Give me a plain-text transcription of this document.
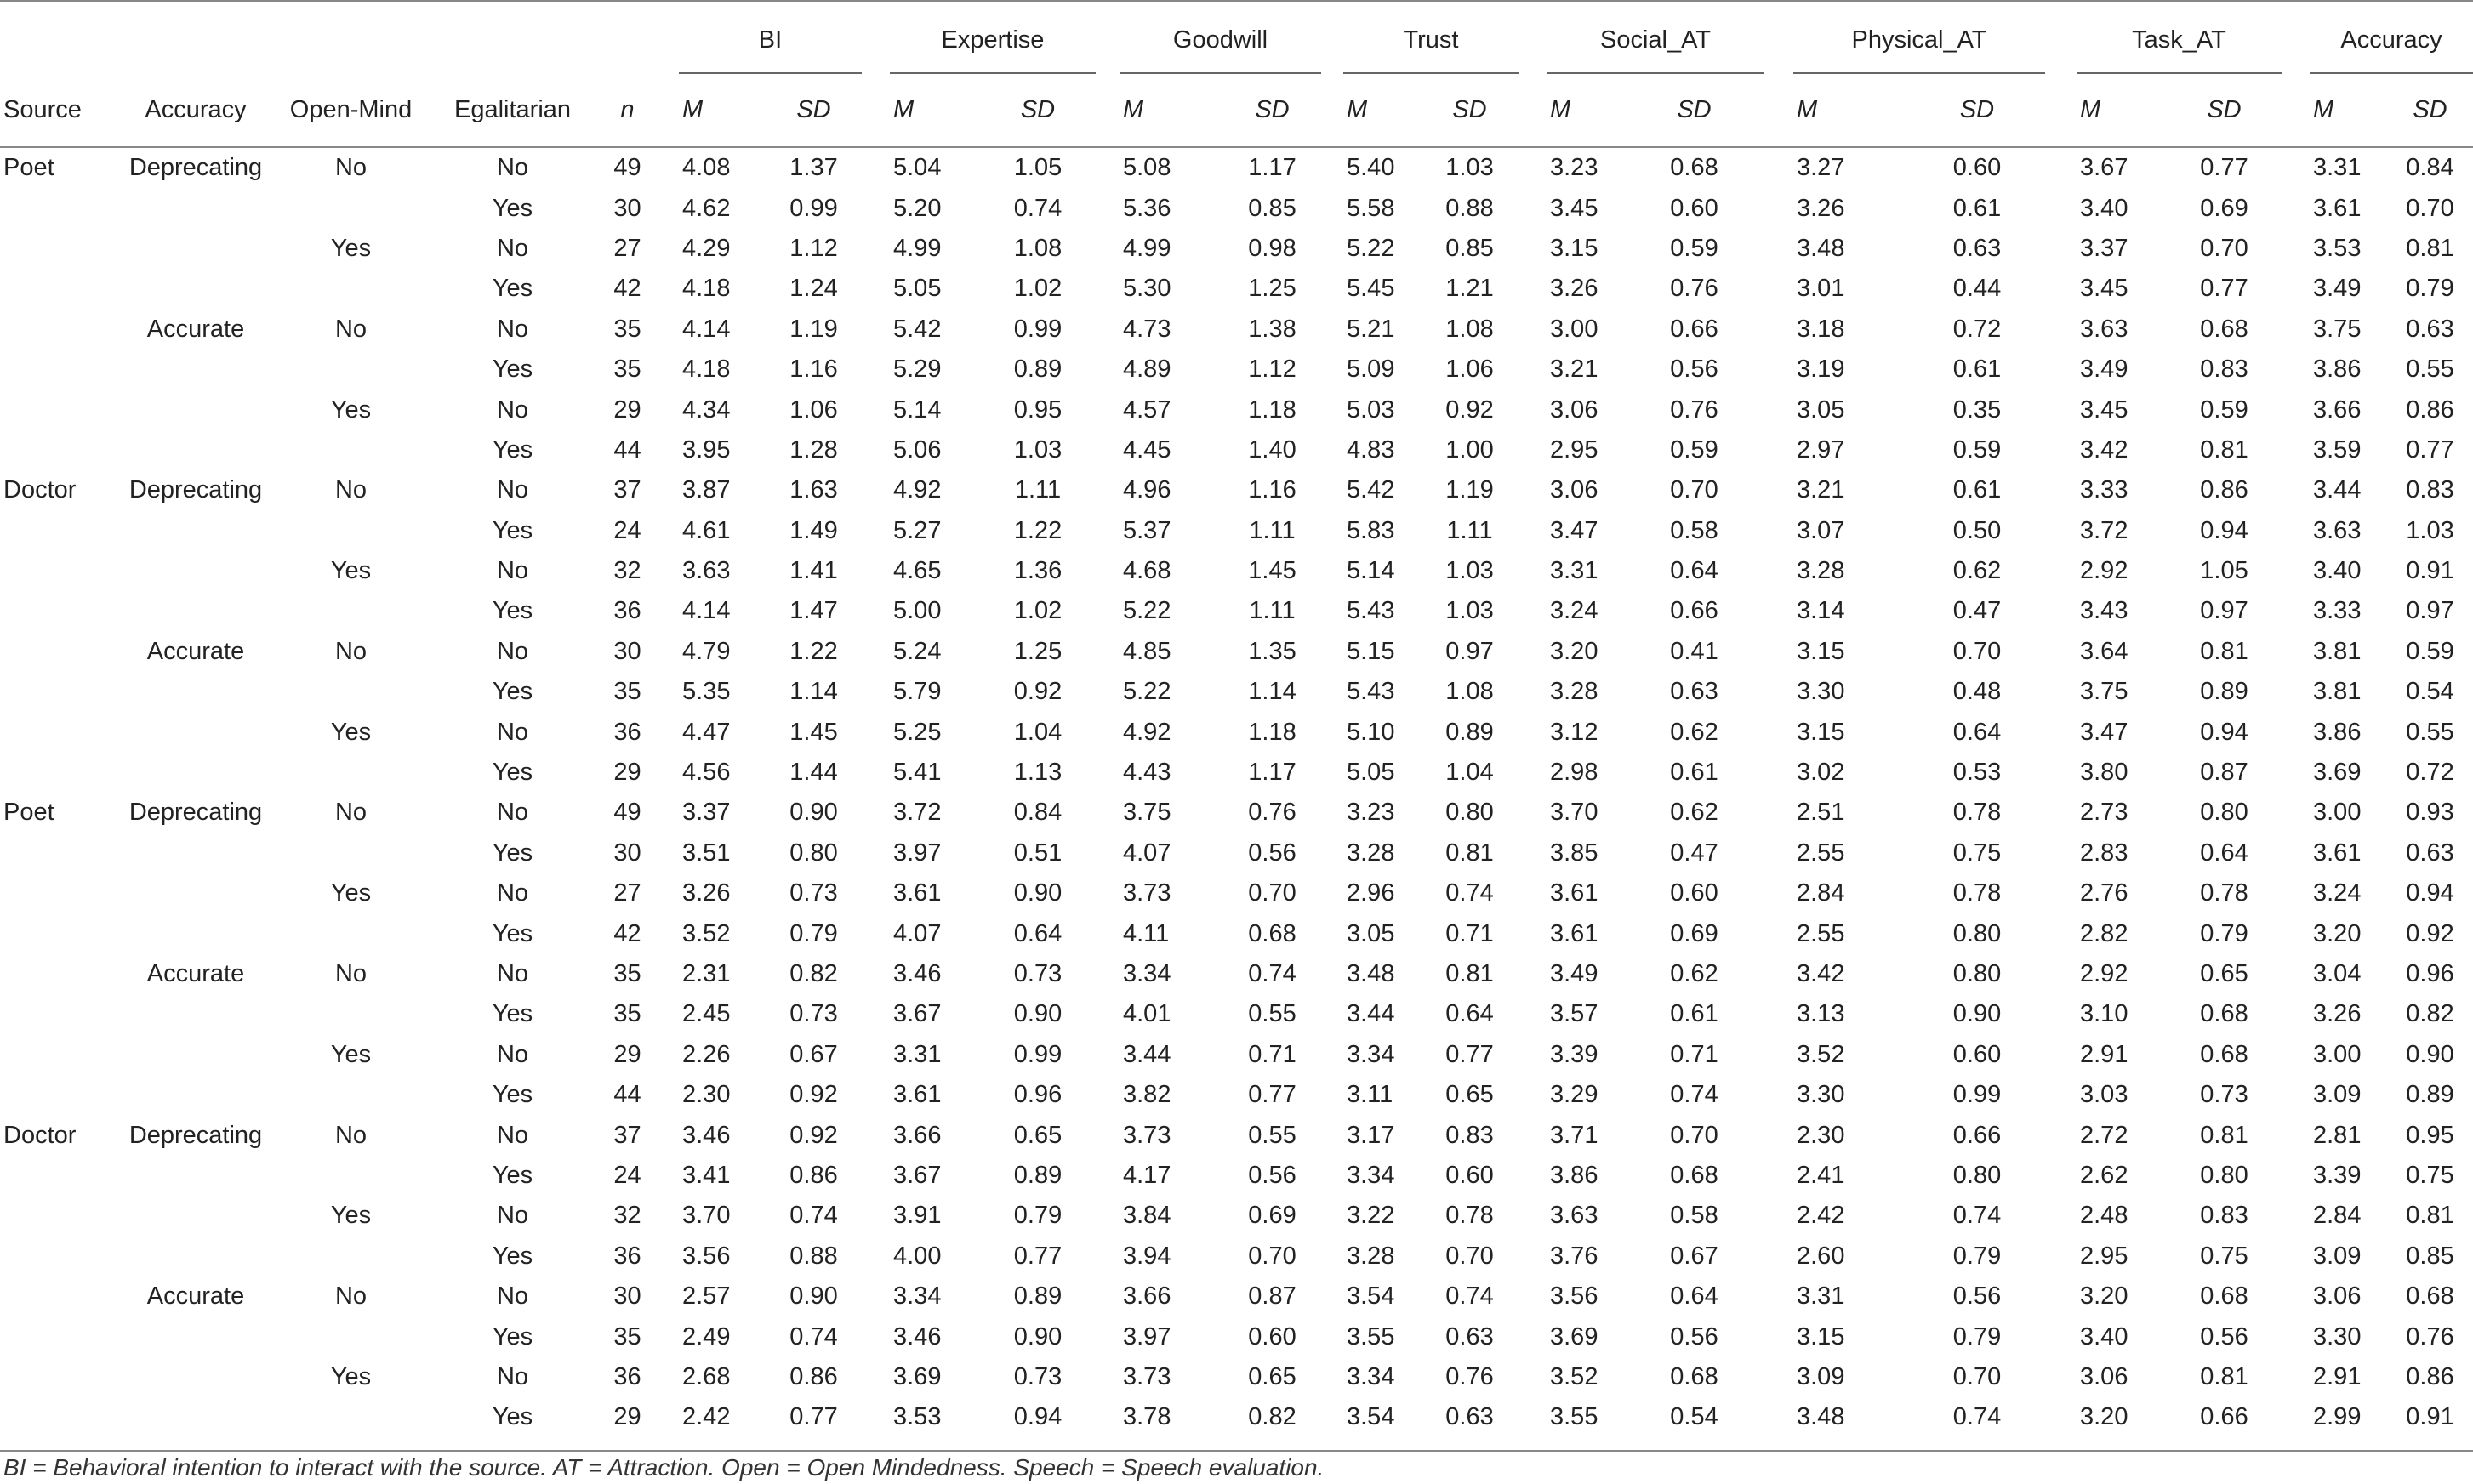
						BI			Expertise			Goodwill			Trust			Social_AT			Physical_AT			Task_AT			Accuracy	
Source	Accuracy	Open-Mind	Egalitarian	n		M	SD		M	SD		M	SD		M	SD		M	SD		M	SD		M	SD		M	SD
Poet	Deprecating	No	No	49		4.08	1.37		5.04	1.05		5.08	1.17		5.40	1.03		3.23	0.68		3.27	0.60		3.67	0.77		3.31	0.84
			Yes	30		4.62	0.99		5.20	0.74		5.36	0.85		5.58	0.88		3.45	0.60		3.26	0.61		3.40	0.69		3.61	0.70
		Yes	No	27		4.29	1.12		4.99	1.08		4.99	0.98		5.22	0.85		3.15	0.59		3.48	0.63		3.37	0.70		3.53	0.81
			Yes	42		4.18	1.24		5.05	1.02		5.30	1.25		5.45	1.21		3.26	0.76		3.01	0.44		3.45	0.77		3.49	0.79
	Accurate	No	No	35		4.14	1.19		5.42	0.99		4.73	1.38		5.21	1.08		3.00	0.66		3.18	0.72		3.63	0.68		3.75	0.63
			Yes	35		4.18	1.16		5.29	0.89		4.89	1.12		5.09	1.06		3.21	0.56		3.19	0.61		3.49	0.83		3.86	0.55
		Yes	No	29		4.34	1.06		5.14	0.95		4.57	1.18		5.03	0.92		3.06	0.76		3.05	0.35		3.45	0.59		3.66	0.86
			Yes	44		3.95	1.28		5.06	1.03		4.45	1.40		4.83	1.00		2.95	0.59		2.97	0.59		3.42	0.81		3.59	0.77
Doctor	Deprecating	No	No	37		3.87	1.63		4.92	1.11		4.96	1.16		5.42	1.19		3.06	0.70		3.21	0.61		3.33	0.86		3.44	0.83
			Yes	24		4.61	1.49		5.27	1.22		5.37	1.11		5.83	1.11		3.47	0.58		3.07	0.50		3.72	0.94		3.63	1.03
		Yes	No	32		3.63	1.41		4.65	1.36		4.68	1.45		5.14	1.03		3.31	0.64		3.28	0.62		2.92	1.05		3.40	0.91
			Yes	36		4.14	1.47		5.00	1.02		5.22	1.11		5.43	1.03		3.24	0.66		3.14	0.47		3.43	0.97		3.33	0.97
	Accurate	No	No	30		4.79	1.22		5.24	1.25		4.85	1.35		5.15	0.97		3.20	0.41		3.15	0.70		3.64	0.81		3.81	0.59
			Yes	35		5.35	1.14		5.79	0.92		5.22	1.14		5.43	1.08		3.28	0.63		3.30	0.48		3.75	0.89		3.81	0.54
		Yes	No	36		4.47	1.45		5.25	1.04		4.92	1.18		5.10	0.89		3.12	0.62		3.15	0.64		3.47	0.94		3.86	0.55
			Yes	29		4.56	1.44		5.41	1.13		4.43	1.17		5.05	1.04		2.98	0.61		3.02	0.53		3.80	0.87		3.69	0.72
Poet	Deprecating	No	No	49		3.37	0.90		3.72	0.84		3.75	0.76		3.23	0.80		3.70	0.62		2.51	0.78		2.73	0.80		3.00	0.93
			Yes	30		3.51	0.80		3.97	0.51		4.07	0.56		3.28	0.81		3.85	0.47		2.55	0.75		2.83	0.64		3.61	0.63
		Yes	No	27		3.26	0.73		3.61	0.90		3.73	0.70		2.96	0.74		3.61	0.60		2.84	0.78		2.76	0.78		3.24	0.94
			Yes	42		3.52	0.79		4.07	0.64		4.11	0.68		3.05	0.71		3.61	0.69		2.55	0.80		2.82	0.79		3.20	0.92
	Accurate	No	No	35		2.31	0.82		3.46	0.73		3.34	0.74		3.48	0.81		3.49	0.62		3.42	0.80		2.92	0.65		3.04	0.96
			Yes	35		2.45	0.73		3.67	0.90		4.01	0.55		3.44	0.64		3.57	0.61		3.13	0.90		3.10	0.68		3.26	0.82
		Yes	No	29		2.26	0.67		3.31	0.99		3.44	0.71		3.34	0.77		3.39	0.71		3.52	0.60		2.91	0.68		3.00	0.90
			Yes	44		2.30	0.92		3.61	0.96		3.82	0.77		3.11	0.65		3.29	0.74		3.30	0.99		3.03	0.73		3.09	0.89
Doctor	Deprecating	No	No	37		3.46	0.92		3.66	0.65		3.73	0.55		3.17	0.83		3.71	0.70		2.30	0.66		2.72	0.81		2.81	0.95
			Yes	24		3.41	0.86		3.67	0.89		4.17	0.56		3.34	0.60		3.86	0.68		2.41	0.80		2.62	0.80		3.39	0.75
		Yes	No	32		3.70	0.74		3.91	0.79		3.84	0.69		3.22	0.78		3.63	0.58		2.42	0.74		2.48	0.83		2.84	0.81
			Yes	36		3.56	0.88		4.00	0.77		3.94	0.70		3.28	0.70		3.76	0.67		2.60	0.79		2.95	0.75		3.09	0.85
	Accurate	No	No	30		2.57	0.90		3.34	0.89		3.66	0.87		3.54	0.74		3.56	0.64		3.31	0.56		3.20	0.68		3.06	0.68
			Yes	35		2.49	0.74		3.46	0.90		3.97	0.60		3.55	0.63		3.69	0.56		3.15	0.79		3.40	0.56		3.30	0.76
		Yes	No	36		2.68	0.86		3.69	0.73		3.73	0.65		3.34	0.76		3.52	0.68		3.09	0.70		3.06	0.81		2.91	0.86
			Yes	29		2.42	0.77		3.53	0.94		3.78	0.82		3.54	0.63		3.55	0.54		3.48	0.74		3.20	0.66		2.99	0.91

BI = Behavioral intention to interact with the source. AT = Attraction. Open = Open Mindedness. Speech = Speech evaluation.
